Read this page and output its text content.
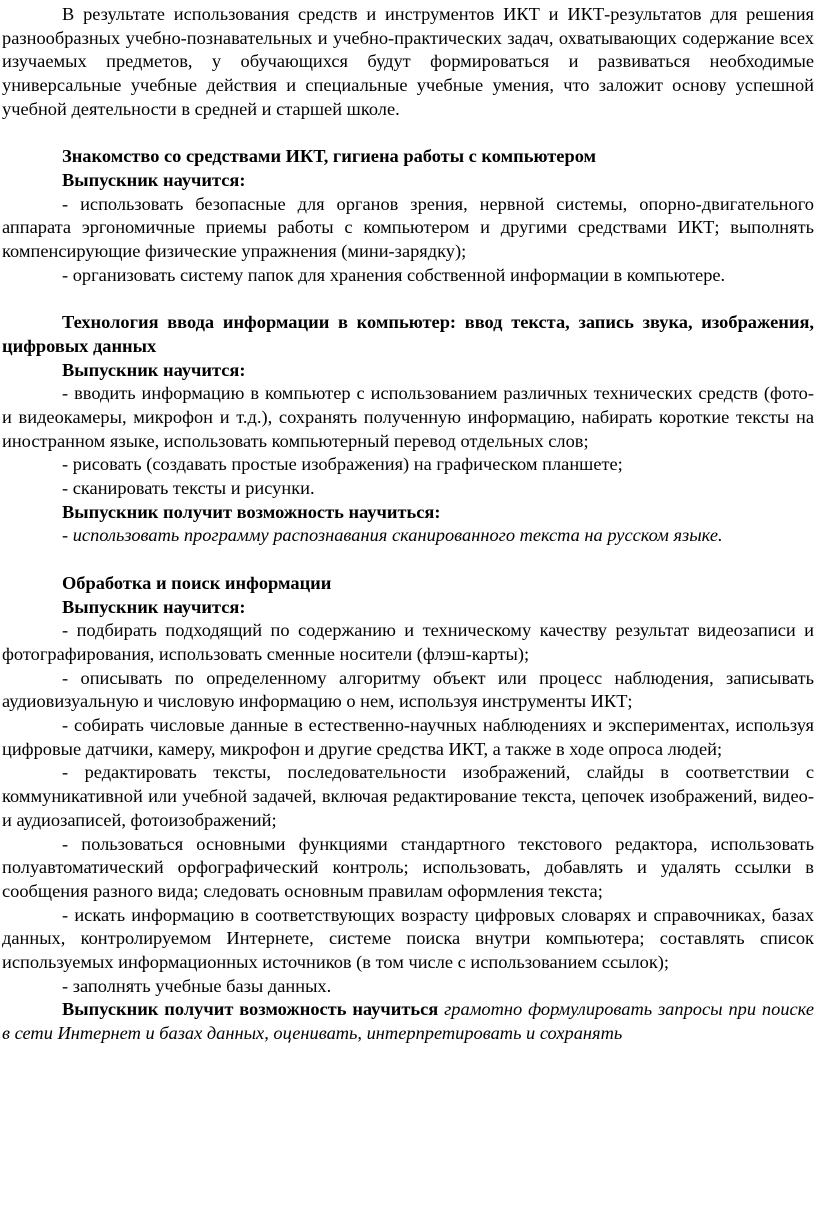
В результате использования средств и инструментов ИКТ и ИКТ-результатов для решения разнообразных учебно-познавательных и учебно-практических задач, охватывающих содержание всех изучаемых предметов, у обучающихся будут формироваться и развиваться необходимые универсальные учебные действия и специальные учебные умения, что заложит основу успешной учебной деятельности в средней и старшей школе.

Знакомство со средствами ИКТ, гигиена работы с компьютером

Выпускник научится:

- использовать безопасные для органов зрения, нервной системы, опорно-двигательного аппарата эргономичные приемы работы с компьютером и другими средствами ИКТ; выполнять компенсирующие физические упражнения (мини-зарядку);

- организовать систему папок для хранения собственной информации в компьютере.

Технология ввода информации в компьютер: ввод текста, запись звука, изображения, цифровых данных

Выпускник научится:

- вводить информацию в компьютер с использованием различных технических средств (фото- и видеокамеры, микрофон и т.д.), сохранять полученную информацию, набирать короткие тексты на иностранном языке, использовать компьютерный перевод отдельных слов;

- рисовать (создавать простые изображения) на графическом планшете;

- сканировать тексты и рисунки.

Выпускник получит возможность научиться:

- использовать программу распознавания сканированного текста на русском языке.

Обработка и поиск информации

Выпускник научится:

- подбирать подходящий по содержанию и техническому качеству результат видеозаписи и фотографирования, использовать сменные носители (флэш-карты);

- описывать по определенному алгоритму объект или процесс наблюдения, записывать аудиовизуальную и числовую информацию о нем, используя инструменты ИКТ;

- собирать числовые данные в естественно-научных наблюдениях и экспериментах, используя цифровые датчики, камеру, микрофон и другие средства ИКТ, а также в ходе опроса людей;

- редактировать тексты, последовательности изображений, слайды в соответствии с коммуникативной или учебной задачей, включая редактирование текста, цепочек изображений, видео- и аудиозаписей, фотоизображений;

- пользоваться основными функциями стандартного текстового редактора, использовать полуавтоматический орфографический контроль; использовать, добавлять и удалять ссылки в сообщения разного вида; следовать основным правилам оформления текста;

- искать информацию в соответствующих возрасту цифровых словарях и справочниках, базах данных, контролируемом Интернете, системе поиска внутри компьютера; составлять список используемых информационных источников (в том числе с использованием ссылок);

- заполнять учебные базы данных.

Выпускник получит возможность научиться грамотно формулировать запросы при поиске в сети Интернет и базах данных, оценивать, интерпретировать и сохранять
